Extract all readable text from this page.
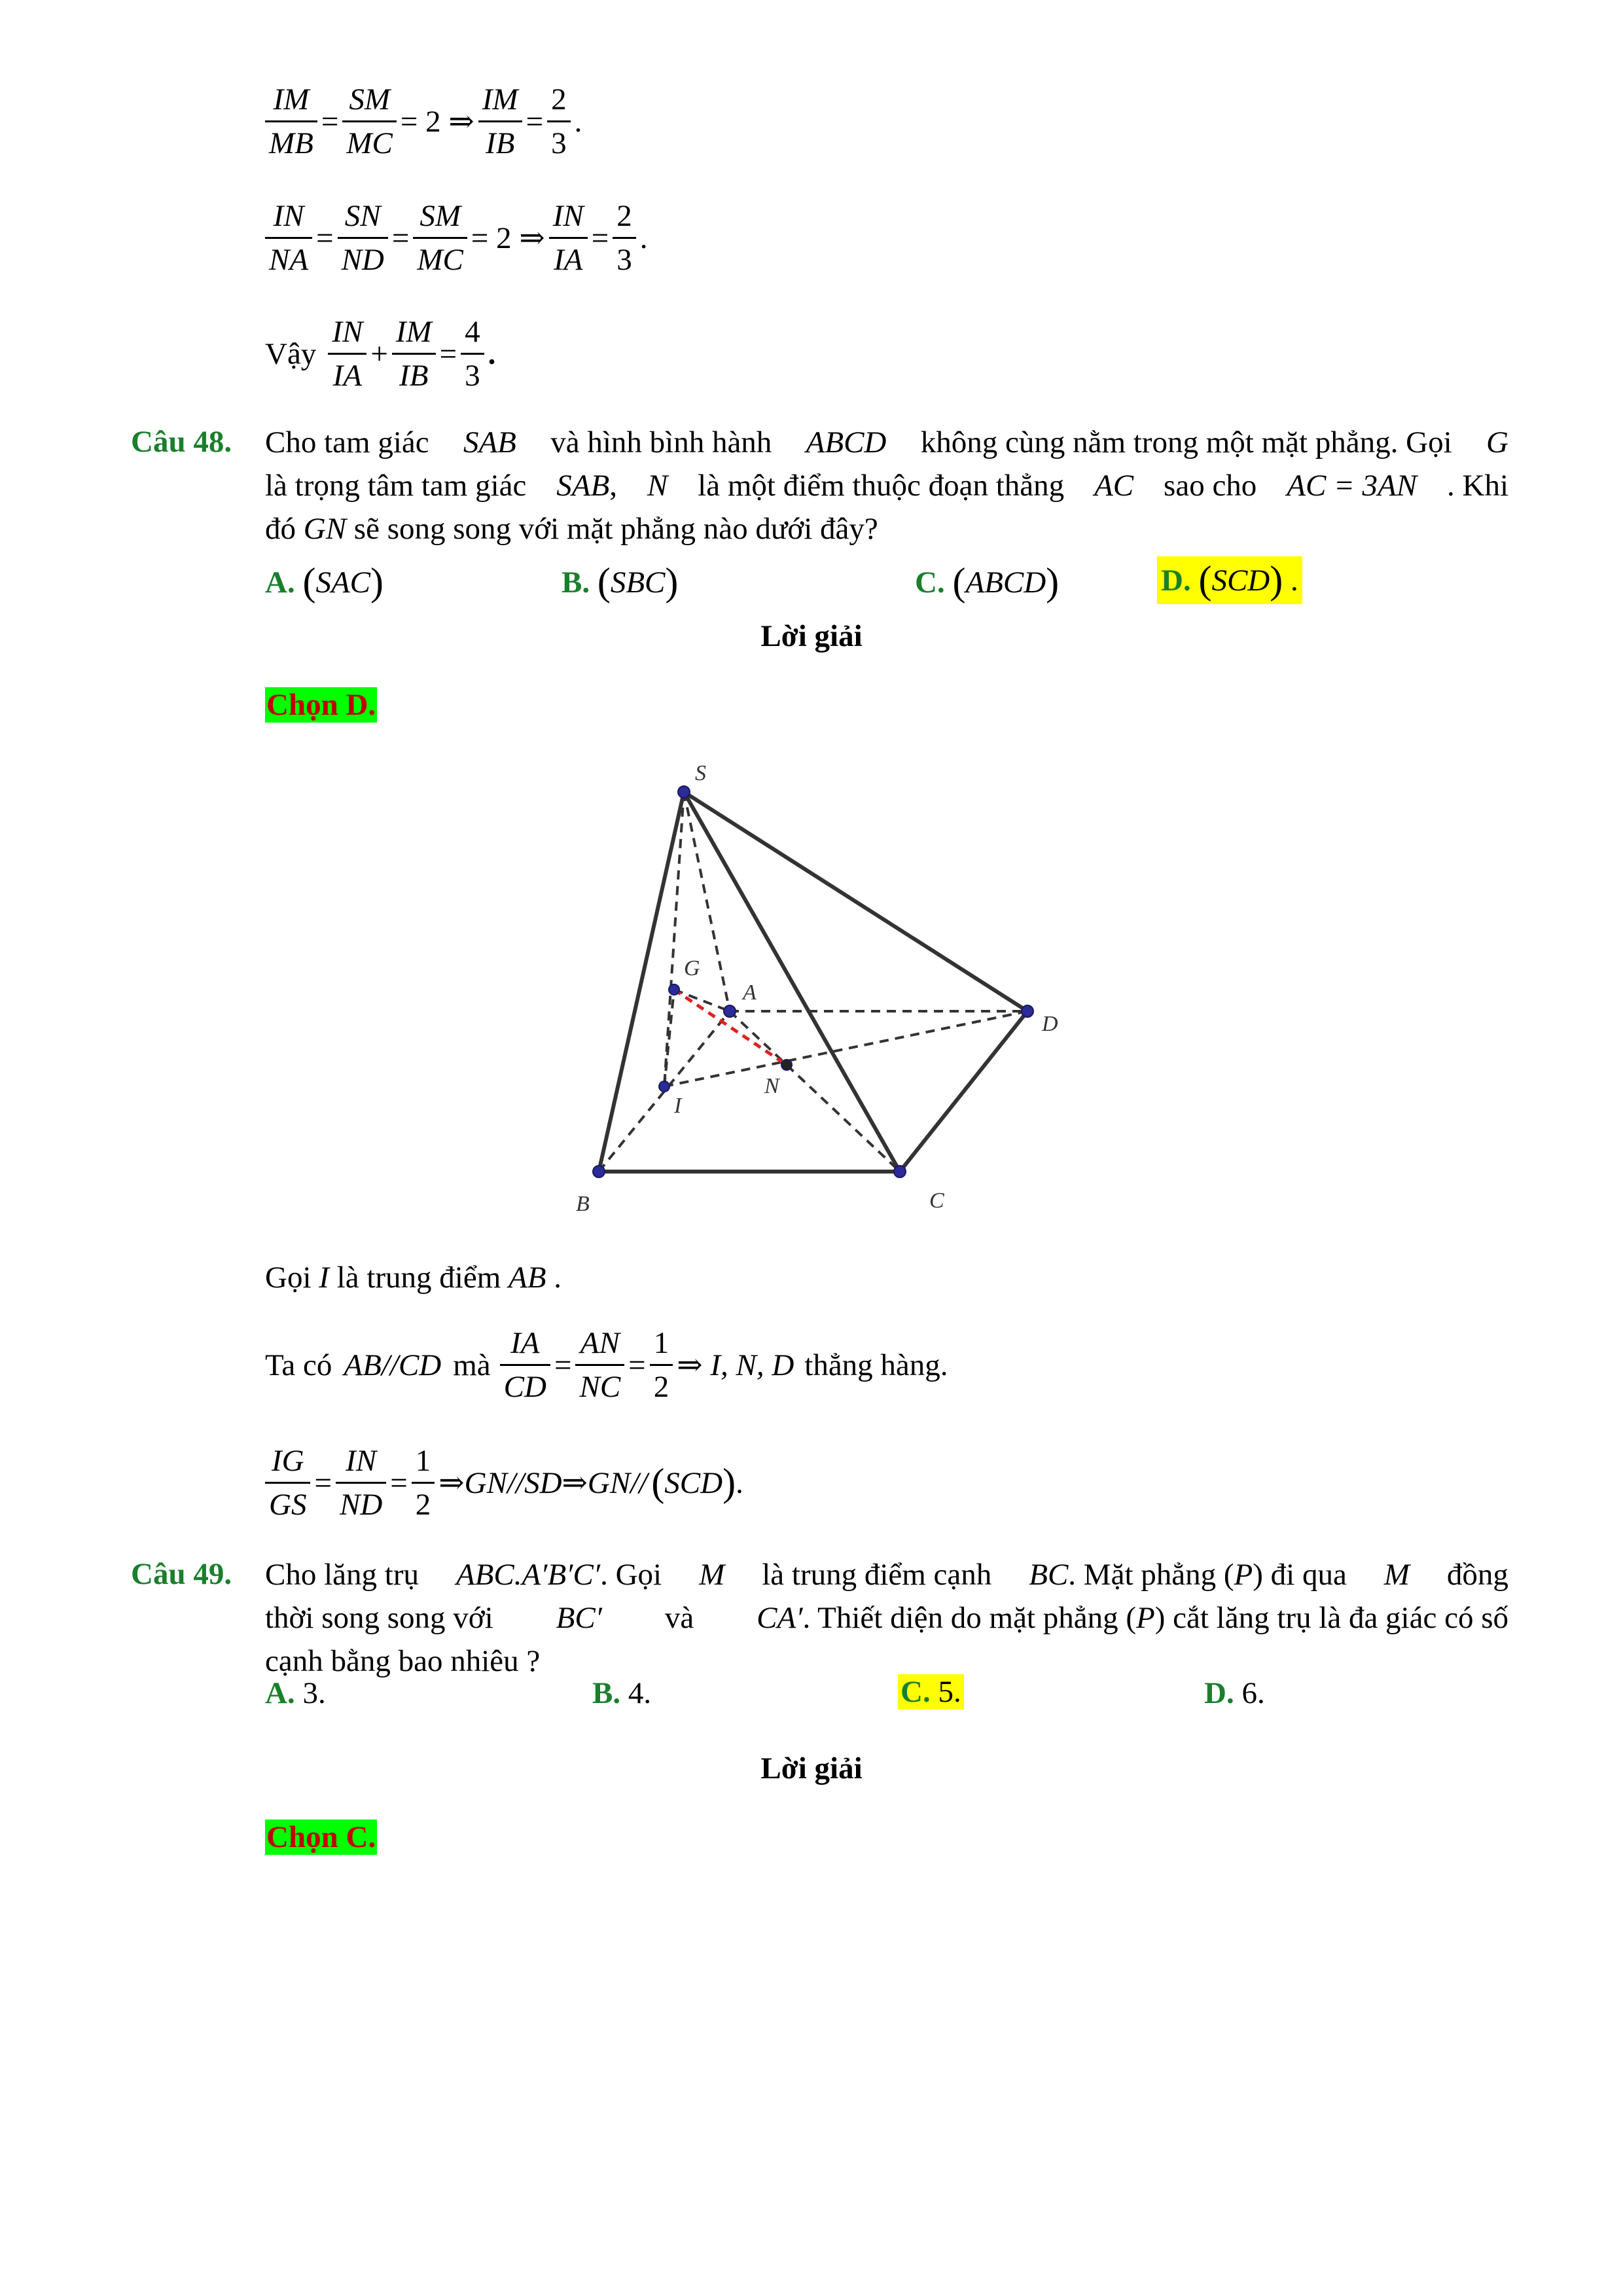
$\frac{IM}{MB} = \frac{SM}{MC} = 2$ ⇒ $\frac{IM}{IB} = \frac{2}{3}$ .
$\frac{IN}{NA} = \frac{SN}{ND} = \frac{SM}{MC} = 2$ ⇒ $\frac{IN}{IA} = \frac{2}{3}$ .
Vậy $\frac{IN}{IA} + \frac{IM}{IB} = \frac{4}{3}$ .
Câu 48. Cho tam giác SAB và hình bình hành ABCD không cùng nằm trong một mặt phẳng. Gọi G
là trọng tâm tam giác SAB, N là một điểm thuộc đoạn thẳng AC sao cho AC = 3AN . Khi
đó GN sẽ song song với mặt phẳng nào dưới đây?
A. (SAC)	B. (SBC)	C. (ABCD)	D. (SCD) .
Lời giải
Chọn D.
S
B	C
D
A
G
I
N
Gọi I là trung điểm AB .
Ta có AB//CD mà $\frac{IA}{CD} = \frac{AN}{NC} = \frac{1}{2}$ ⇒ I, N, D thẳng hàng.
$\frac{IG}{GS} = \frac{IN}{ND} = \frac{1}{2}$ ⇒GN//SD⇒GN// ( SCD ) .
Câu 49. Cho lăng trụ ABC.A′B′C′. Gọi M là trung điểm cạnh BC. Mặt phẳng (P) đi qua M đồng
thời song song với BC′ và CA′. Thiết diện do mặt phẳng (P) cắt lăng trụ là đa giác có số
cạnh bằng bao nhiêu ?
A. 3.	B. 4.	C. 5.	D. 6.
Lời giải
Chọn C.
